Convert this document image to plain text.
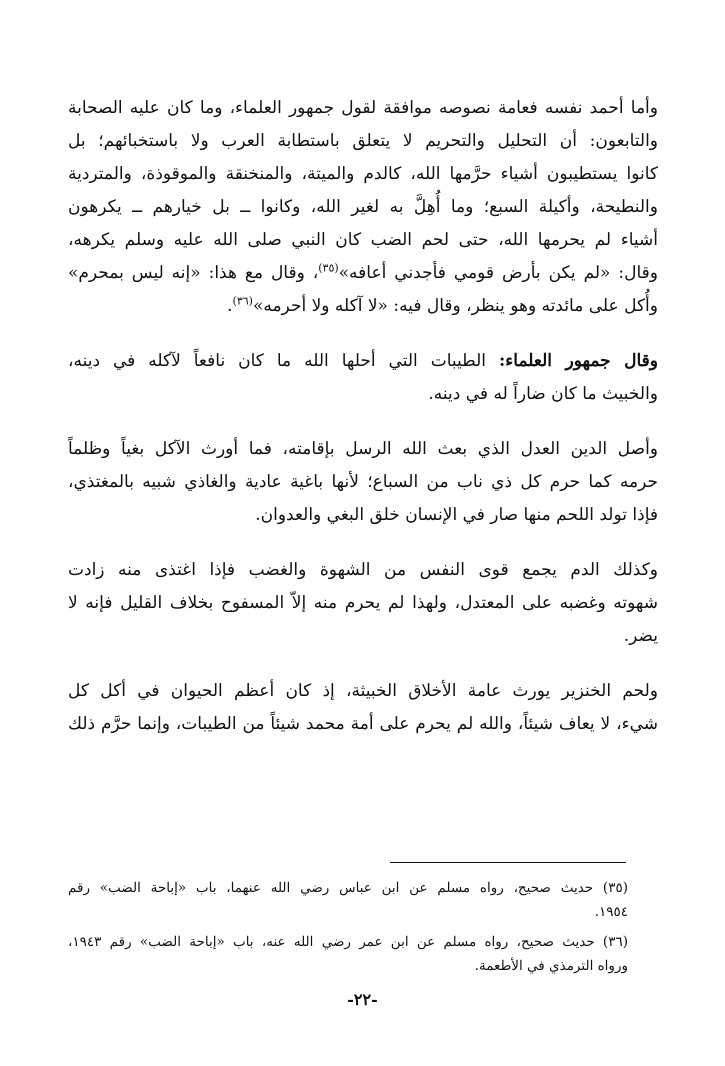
وأما أحمد نفسه فعامة نصوصه موافقة لقول جمهور العلماء، وما كان عليه الصحابة
والتابعون: أن التحليل والتحريم لا يتعلق باستطابة العرب ولا باستخبائهم؛ بل
كانوا يستطيبون أشياء حرَّمها الله، كالدم والميتة، والمنخنقة والموقوذة، والمتردية
والنطيحة، وأكيلة السبع؛ وما أُهِلَّ به لغير الله، وكانوا ــ بل خيارهم ــ يكرهون
أشياء لم يحرمها الله، حتى لحم الضب كان النبي صلى الله عليه وسلم يكرهه،
وقال: «لم يكن بأرض قومي فأجدني أعافه»$^{(٣٥)}$، وقال مع هذا: «إنه ليس بمحرم»
وأُكل على مائدته وهو ينظر، وقال فيه: «لا آكله ولا أحرمه»$^{(٣٦)}$.
وقال جمهور العلماء: الطيبات التي أحلها الله ما كان نافعاً لآكله في دينه،
والخبيث ما كان ضاراً له في دينه.
وأصل الدين العدل الذي بعث الله الرسل بإقامته، فما أورث الآكل بغياً وظلماً
حرمه كما حرم كل ذي ناب من السباع؛ لأنها باغية عادية والغاذي شبيه بالمغتذي،
فإذا تولد اللحم منها صار في الإنسان خلق البغي والعدوان.
وكذلك الدم يجمع قوى النفس من الشهوة والغضب فإذا اغتذى منه زادت
شهوته وغضبه على المعتدل، ولهذا لم يحرم منه إلاّ المسفوح بخلاف القليل فإنه لا
يضر.
ولحم الخنزير يورث عامة الأخلاق الخبيثة، إذ كان أعظم الحيوان في أكل كل
شيء، لا يعاف شيئاً، والله لم يحرم على أمة محمد شيئاً من الطيبات، وإنما حرَّم ذلك
(٣٥) حديث صحيح، رواه مسلم عن ابن عباس رضي الله عنهما، باب «إباحة الضب» رقم
١٩٥٤.
(٣٦) حديث صحيح، رواه مسلم عن ابن عمر رضي الله عنه، باب «إباحة الضب» رقم ١٩٤٣،
ورواه الترمذي في الأطعمة.
-٢٢-
